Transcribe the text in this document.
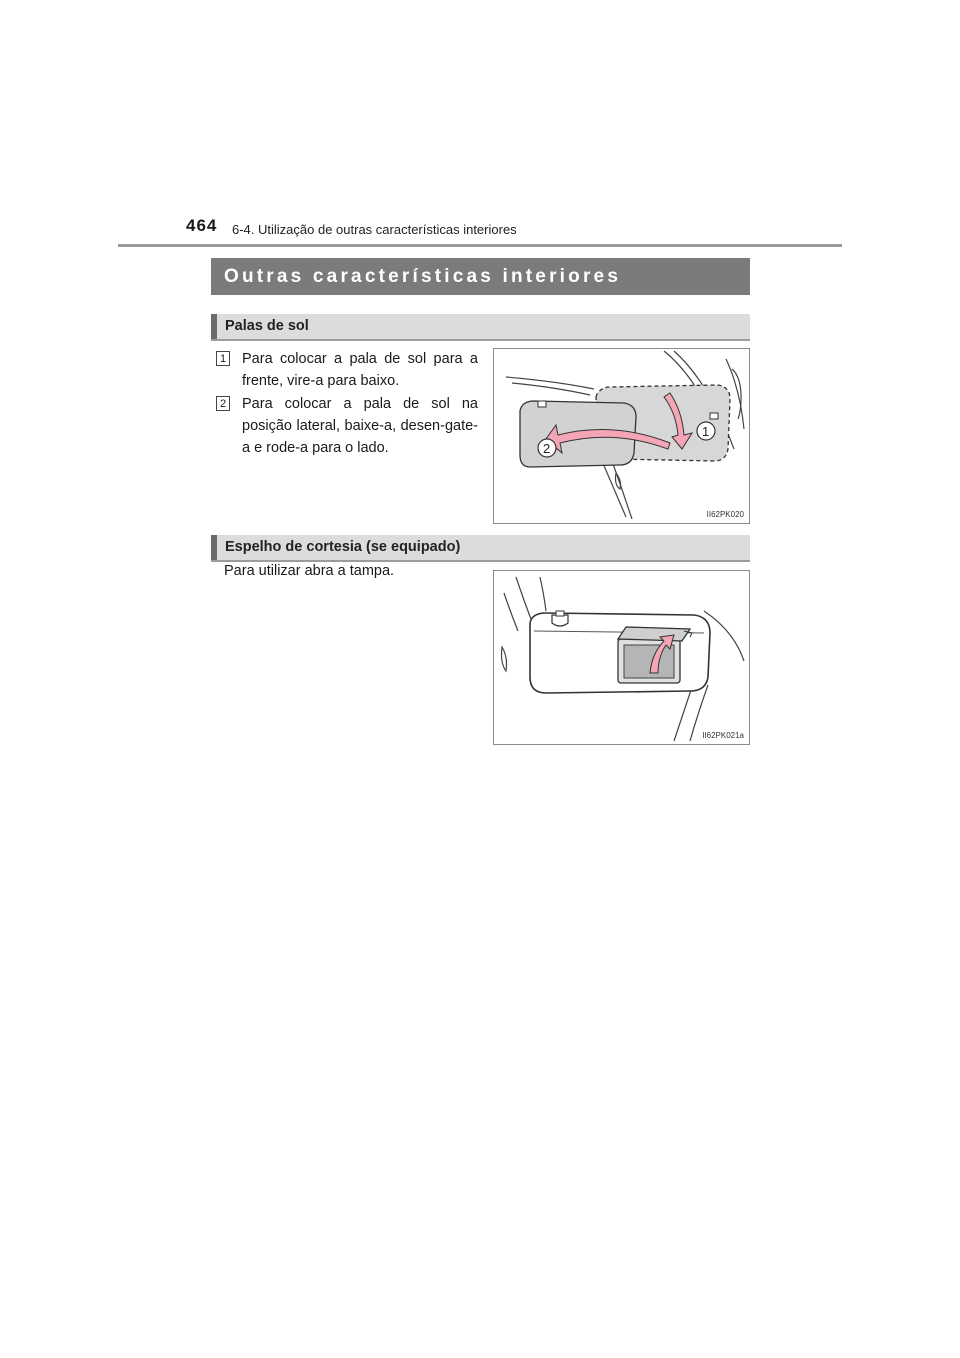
464 6-4. Utilização de outras características interiores
Outras características interiores
Palas de sol
1 Para colocar a pala de sol para a frente, vire-a para baixo.
2 Para colocar a pala de sol na posição lateral, baixe-a, desen-gate-a e rode-a para o lado.
1
2
II62PK020
Espelho de cortesia (se equipado)
Para utilizar abra a tampa.
II62PK021a
